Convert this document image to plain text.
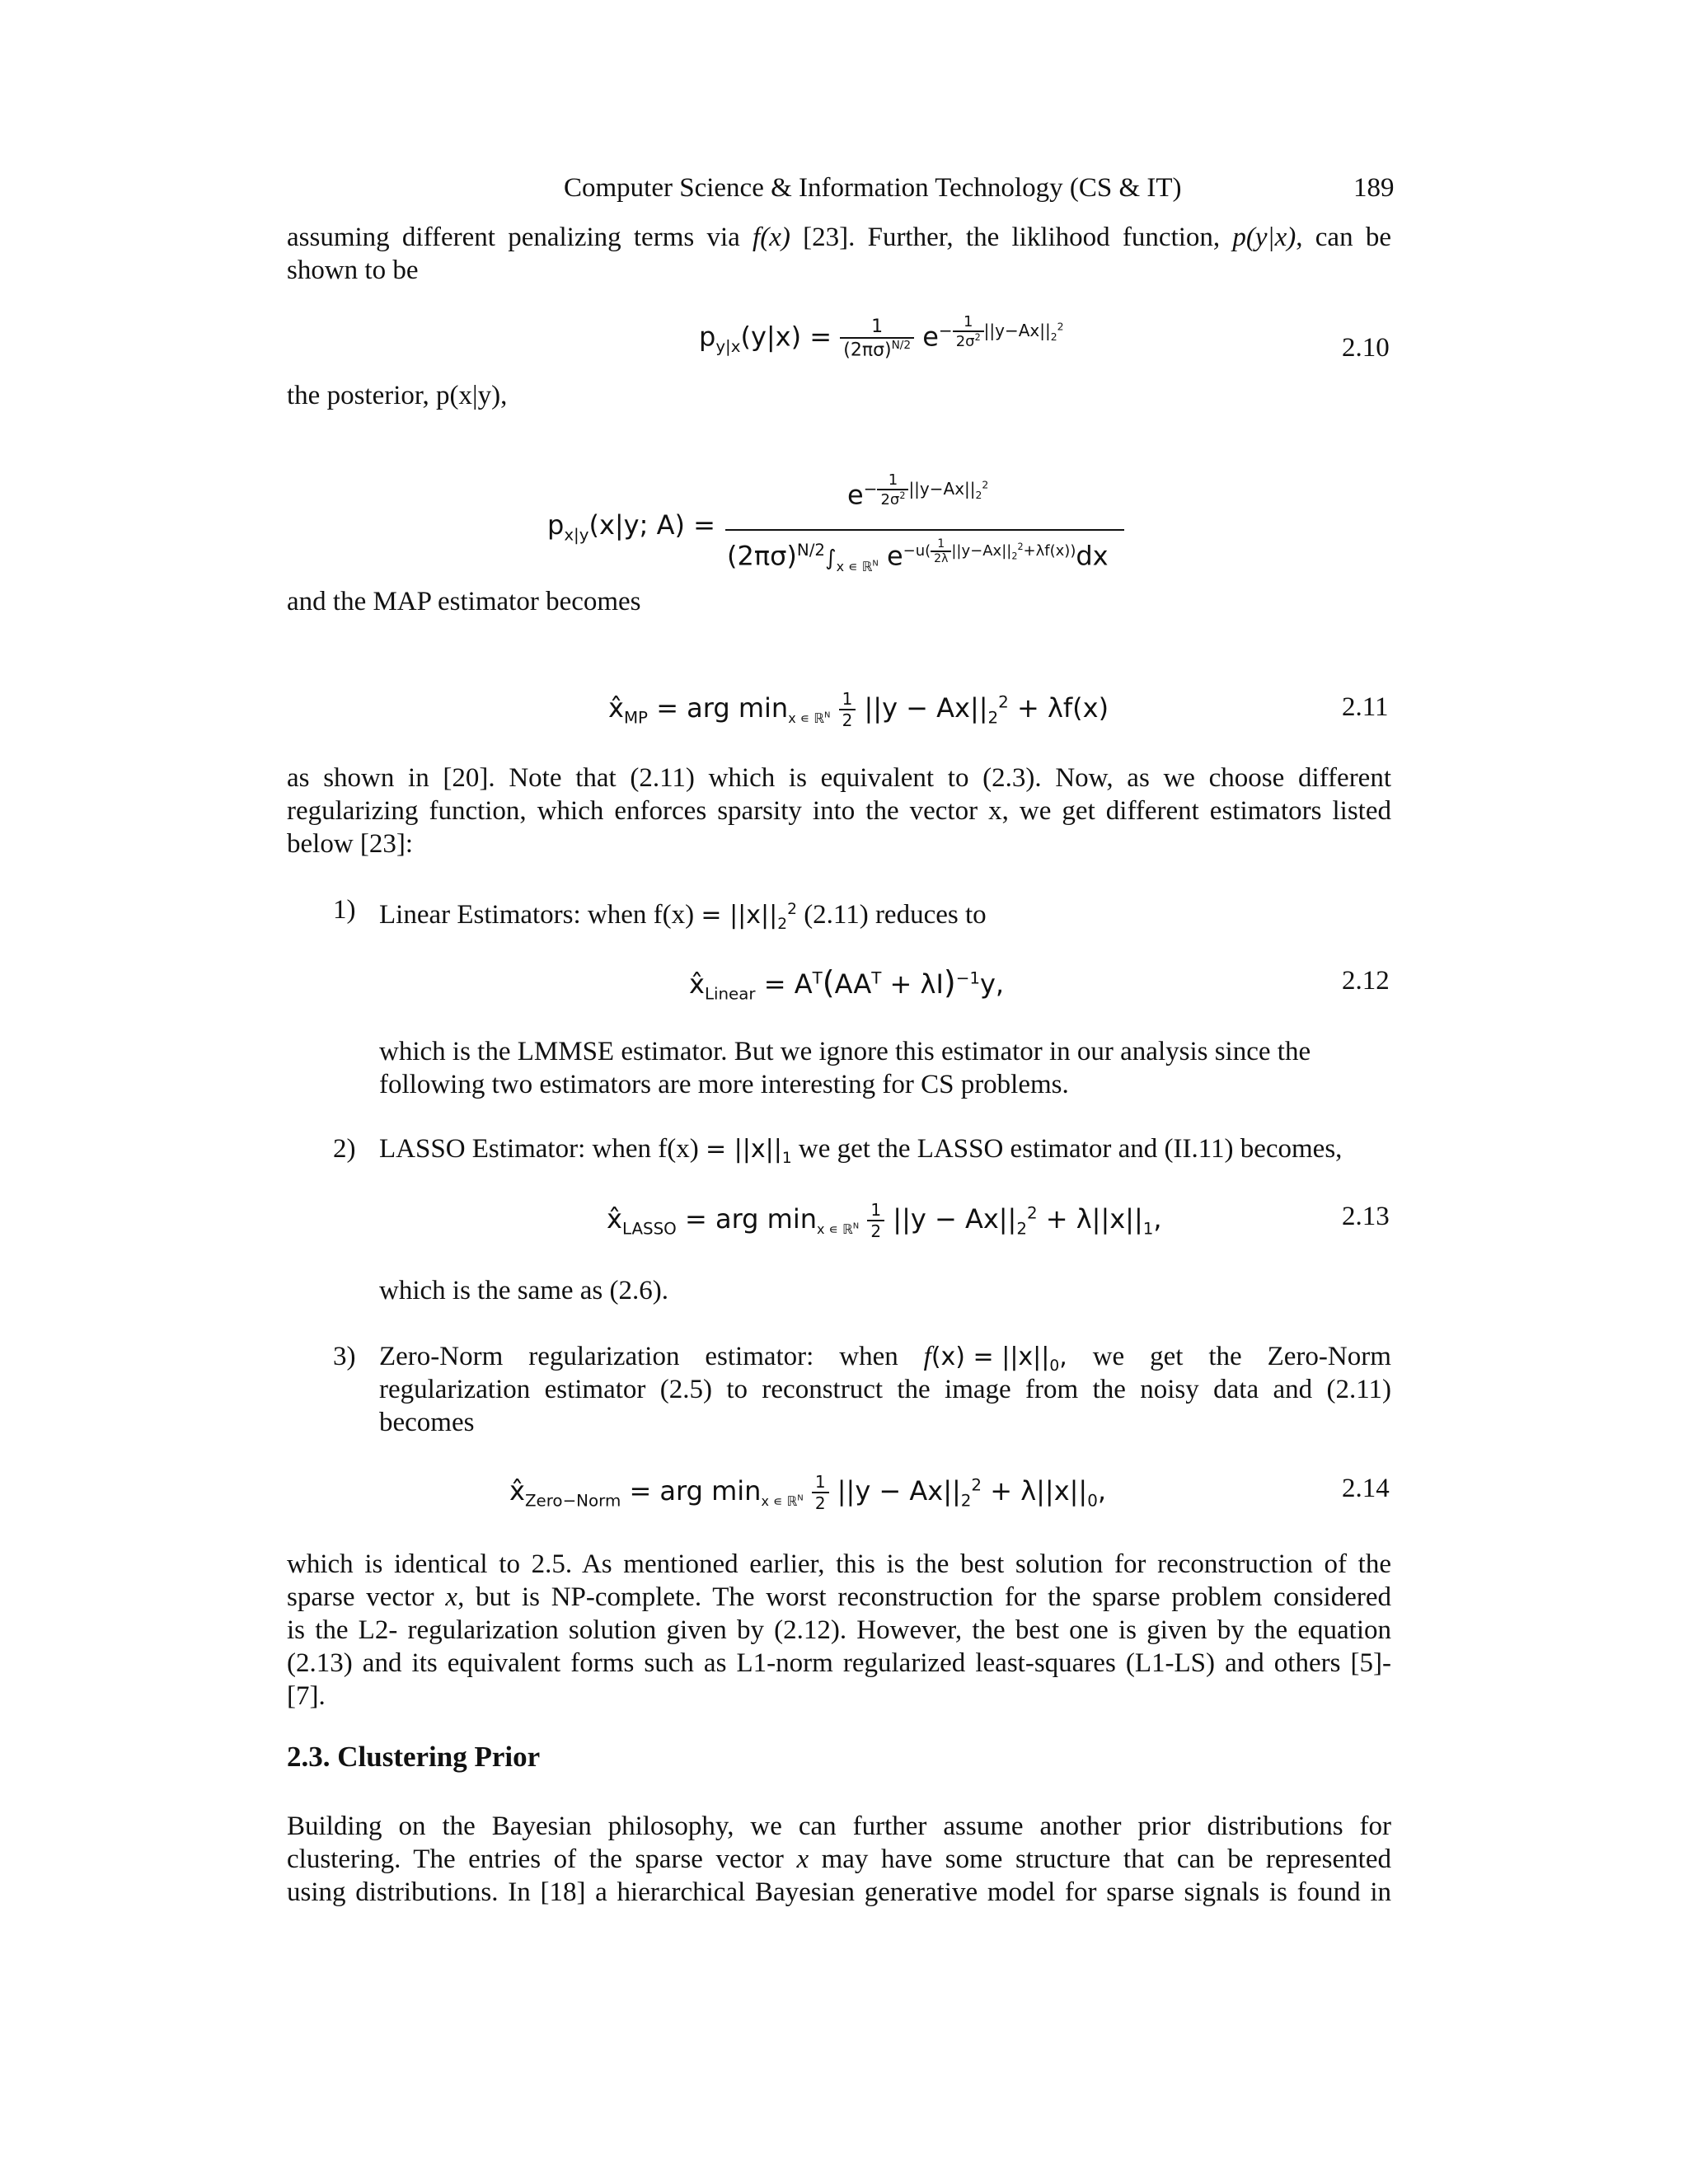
Computer Science & Information Technology (CS & IT)	189
assuming different penalizing terms via f(x) [23]. Further, the liklihood function, p(y|x), can be
shown to be
$p_{y|x}(y|x) = \frac{1}{(2\pi\sigma)^{N/2}} e^{- \frac{1}{2\sigma^2} ||y-Ax||_2^2}$
2.10
the posterior, p(x|y),
$p_{x|y}(x|y$; A) =
$e^{- \frac{1}{2\sigma^2} ||y-Ax||_2^2}$
$(2\pi\sigma)^{N/2}\int_{x ∊ ℝ^N}$ $e^{-u( \frac{1}{2\lambda} ||y-Ax||_2^2+\lambda f(x))}dx$
and the MAP estimator becomes
$x̂_{MP}$ = arg $\min_{x ∊ ℝ^N} \frac{1}{2} ||y - Ax||_2^2 + \lambda f(x)$	2.11
as shown in [20]. Note that (2.11) which is equivalent to (2.3). Now, as we choose different
regularizing function, which enforces sparsity into the vector x, we get different estimators listed
below [23]:
1) Linear Estimators: when $f(x) = ||x||_2^2$ (2.11) reduces to
$x̂_{Linear} = A^T(AA^T + \lambda I)^{-1}y$,	2.12
which is the LMMSE estimator. But we ignore this estimator in our analysis since the
following two estimators are more interesting for CS problems.
2) LASSO Estimator: when $f(x) = ||x||_1$ we get the LASSO estimator and (II.11) becomes,
$x̂_{LASSO}$ = arg $\min_{x ∊ ℝ^N} \frac{1}{2} ||y - Ax||_2^2 + \lambda||x||_1$,	2.13
which is the same as (2.6).
3) Zero-Norm regularization estimator: when $f(x) = ||x||_0$, we get the Zero-Norm
regularization estimator (2.5) to reconstruct the image from the noisy data and (2.11)
becomes
$x̂_{Zero-Norm}$ = arg $\min_{x ∊ ℝ^N} \frac{1}{2} ||y - Ax||_2^2 + \lambda||x||_0$,	2.14
which is identical to 2.5. As mentioned earlier, this is the best solution for reconstruction of the
sparse vector x, but is NP-complete. The worst reconstruction for the sparse problem considered
is the L2- regularization solution given by (2.12). However, the best one is given by the equation
(2.13) and its equivalent forms such as L1-norm regularized least-squares (L1-LS) and others [5]-
[7].
2.3. Clustering Prior
Building on the Bayesian philosophy, we can further assume another prior distributions for
clustering. The entries of the sparse vector x may have some structure that can be represented
using distributions. In [18] a hierarchical Bayesian generative model for sparse signals is found in
